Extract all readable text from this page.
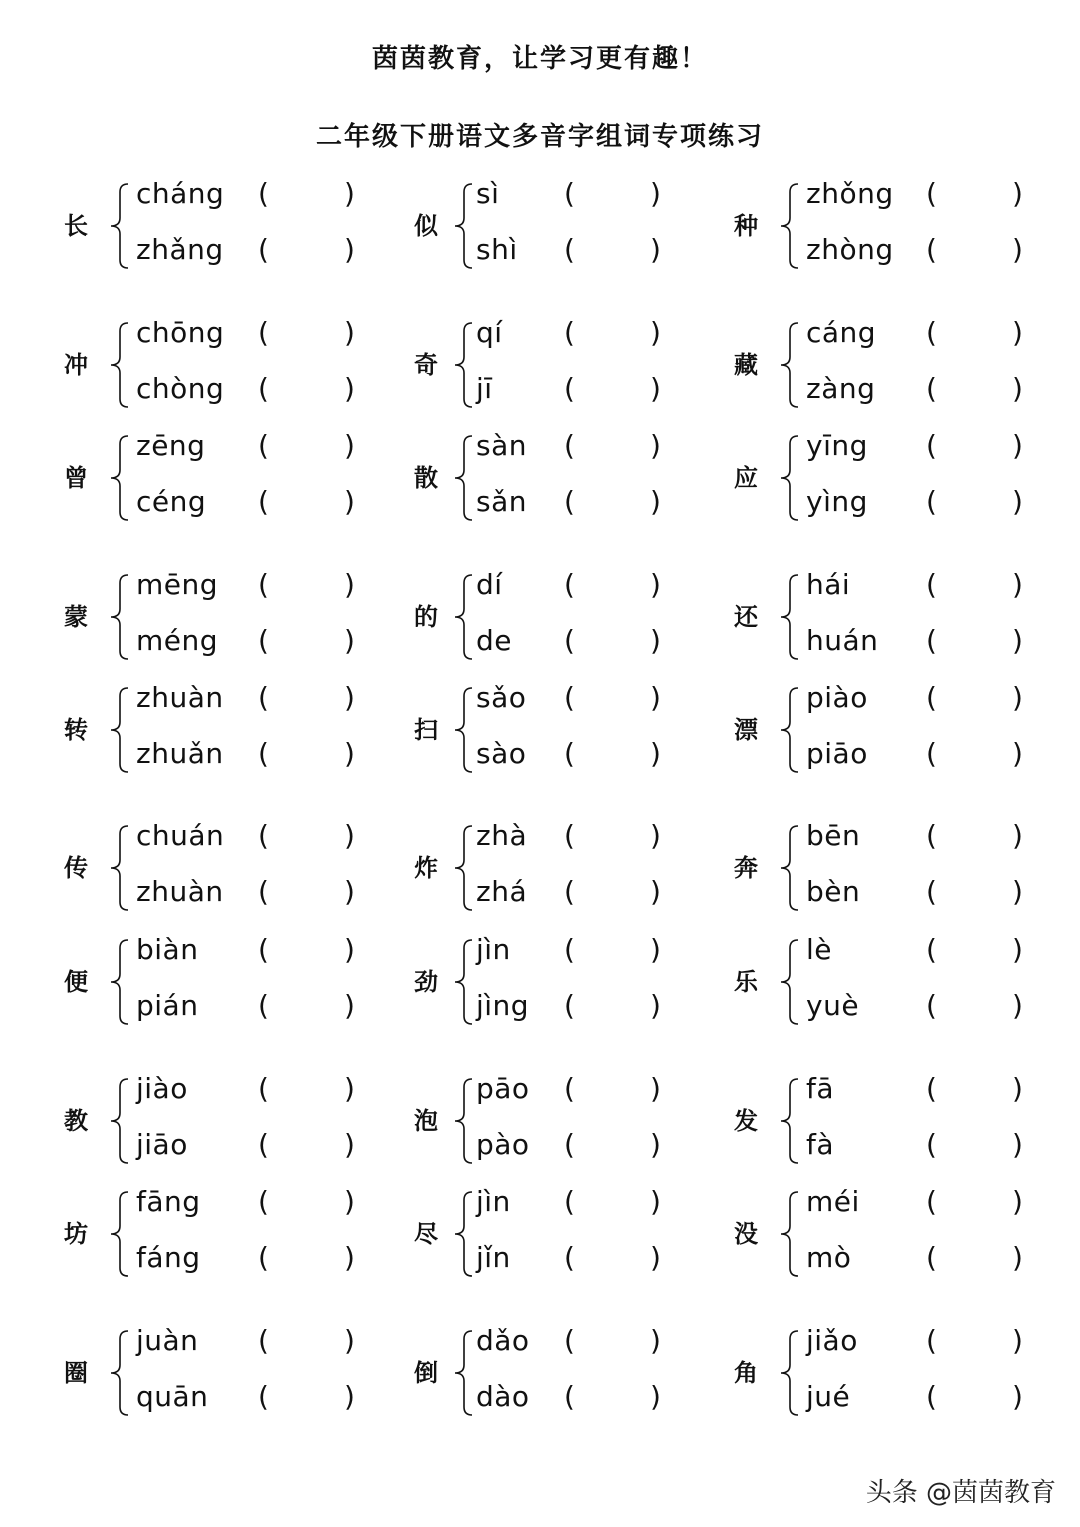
茵茵教育，让学习更有趣！
二年级下册语文多音字组词专项练习
长
cháng (	)
zhǎng (	)
似
sì (	)
shì (	)
种
zhǒng (	)
zhòng (	)
冲
chōng (	)
chòng (	)
奇
qí (	)
jī	(	)
藏
cáng (	)
zàng (	)
曾
zēng (	)
céng (	)
散
sàn (	)
sǎn (	)
应
yīng (	)
yìng (	)
蒙
mēng (	)
méng (	)
的
dí (	)
de (	)
还
hái	(	)
huán (	)
转
zhuàn (	)
zhuǎn (	)
扫
sǎo (	)
sào (	)
漂
piào (	)
piāo (	)
传
chuán (	)
zhuàn (	)
炸
zhà (	)
zhá (	)
奔
bēn (	)
bèn (	)
便
biàn (	)
pián (	)
劲
jìn (	)
jìng (	)
乐
lè	(	)
yuè (	)
教
jiào	(	)
jiāo	(	)
泡
pāo (	)
pào (	)
发
fā	(	)
fà	(	)
坊
fāng (	)
fáng (	)
尽
jìn (	)
jǐn (	)
没
méi (	)
mò	(	)
圈
juàn (	)
quān (	)
倒
dǎo (	)
dào (	)
角
jiǎo (	)
jué	(	)
头条 @茵茵教育
